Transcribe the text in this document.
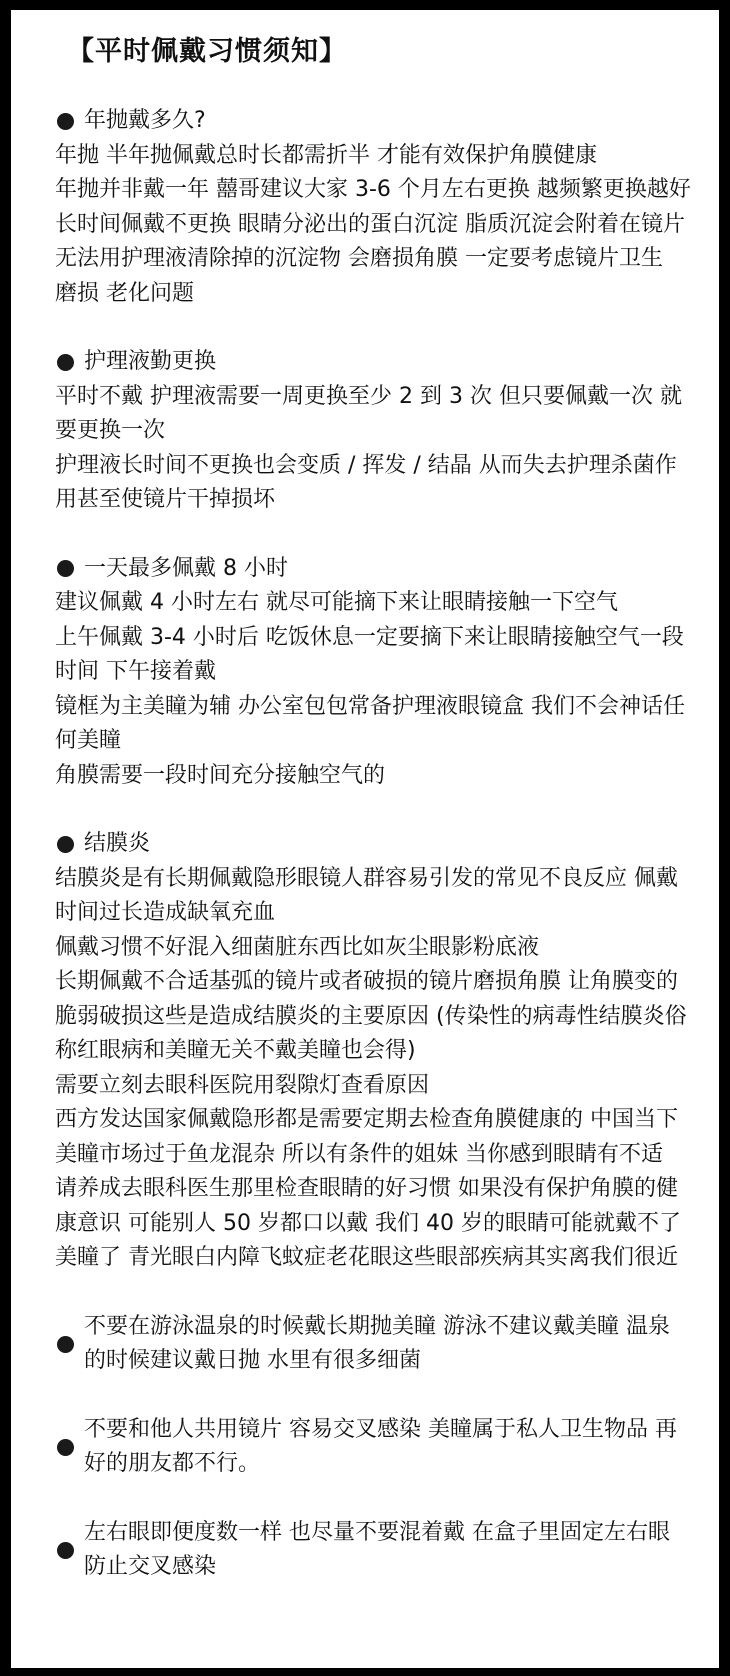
【平时佩戴习惯须知】
年抛戴多久?

年抛 半年抛佩戴总时长都需折半 才能有效保护角膜健康

年抛并非戴一年 囍哥建议大家 3-6 个月左右更换 越频繁更换越好

长时间佩戴不更换 眼睛分泌出的蛋白沉淀 脂质沉淀会附着在镜片 无法用护理液清除掉的沉淀物 会磨损角膜 一定要考虑镜片卫生 磨损 老化问题

护理液勤更换

平时不戴 护理液需要一周更换至少 2 到 3 次 但只要佩戴一次 就要更换一次

护理液长时间不更换也会变质 / 挥发 / 结晶 从而失去护理杀菌作用甚至使镜片干掉损坏

一天最多佩戴 8 小时

建议佩戴 4 小时左右 就尽可能摘下来让眼睛接触一下空气

上午佩戴 3-4 小时后 吃饭休息一定要摘下来让眼睛接触空气一段时间 下午接着戴

镜框为主美瞳为辅 办公室包包常备护理液眼镜盒 我们不会神话任何美瞳

角膜需要一段时间充分接触空气的

结膜炎

结膜炎是有长期佩戴隐形眼镜人群容易引发的常见不良反应 佩戴时间过长造成缺氧充血

佩戴习惯不好混入细菌脏东西比如灰尘眼影粉底液

长期佩戴不合适基弧的镜片或者破损的镜片磨损角膜 让角膜变的脆弱破损这些是造成结膜炎的主要原因 (传染性的病毒性结膜炎俗称红眼病和美瞳无关不戴美瞳也会得)

需要立刻去眼科医院用裂隙灯查看原因

西方发达国家佩戴隐形都是需要定期去检查角膜健康的 中国当下美瞳市场过于鱼龙混杂 所以有条件的姐妹 当你感到眼睛有不适 请养成去眼科医生那里检查眼睛的好习惯 如果没有保护角膜的健康意识 可能别人 50 岁都口以戴 我们 40 岁的眼睛可能就戴不了美瞳了 青光眼白内障飞蚊症老花眼这些眼部疾病其实离我们很近

不要在游泳温泉的时候戴长期抛美瞳 游泳不建议戴美瞳 温泉的时候建议戴日抛 水里有很多细菌
不要和他人共用镜片 容易交叉感染 美瞳属于私人卫生物品 再好的朋友都不行。
左右眼即便度数一样 也尽量不要混着戴 在盒子里固定左右眼 防止交叉感染
